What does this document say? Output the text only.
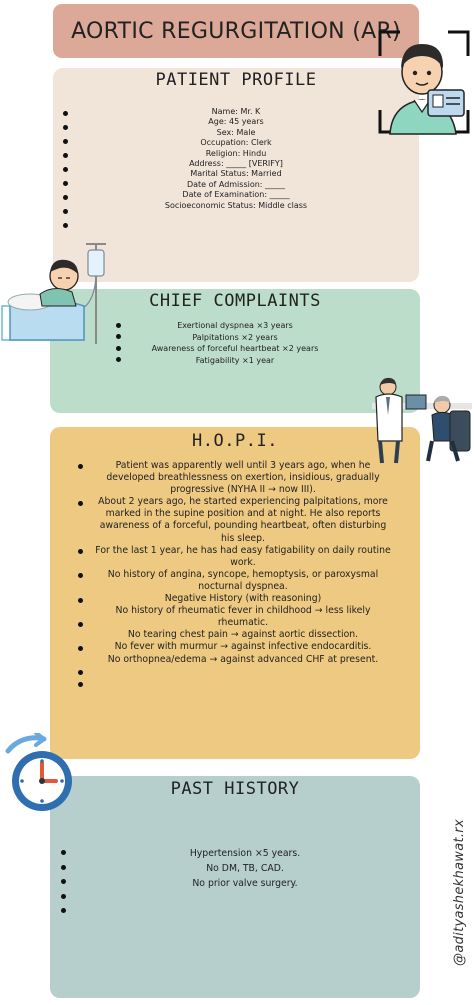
AORTIC REGURGITATION (AR)
PATIENT PROFILE
Name: Mr. K
Age: 45 years
Sex: Male
Occupation: Clerk
Religion: Hindu
Address: _____ [VERIFY]
Marital Status: Married
Date of Admission: _____
Date of Examination: _____
Socioeconomic Status: Middle class
CHIEF COMPLAINTS
Exertional dyspnea ×3 years
Palpitations ×2 years
Awareness of forceful heartbeat ×2 years
Fatigability ×1 year
H.O.P.I.
Patient was apparently well until 3 years ago, when he
developed breathlessness on exertion, insidious, gradually
progressive (NYHA II → now III).
About 2 years ago, he started experiencing palpitations, more
marked in the supine position and at night. He also reports
awareness of a forceful, pounding heartbeat, often disturbing
his sleep.
For the last 1 year, he has had easy fatigability on daily routine
work.
No history of angina, syncope, hemoptysis, or paroxysmal
nocturnal dyspnea.
Negative History (with reasoning)
No history of rheumatic fever in childhood → less likely
rheumatic.
No tearing chest pain → against aortic dissection.
No fever with murmur → against infective endocarditis.
No orthopnea/edema → against advanced CHF at present.
PAST HISTORY
Hypertension ×5 years.
No DM, TB, CAD.
No prior valve surgery.	@adityashekhawat.rx
